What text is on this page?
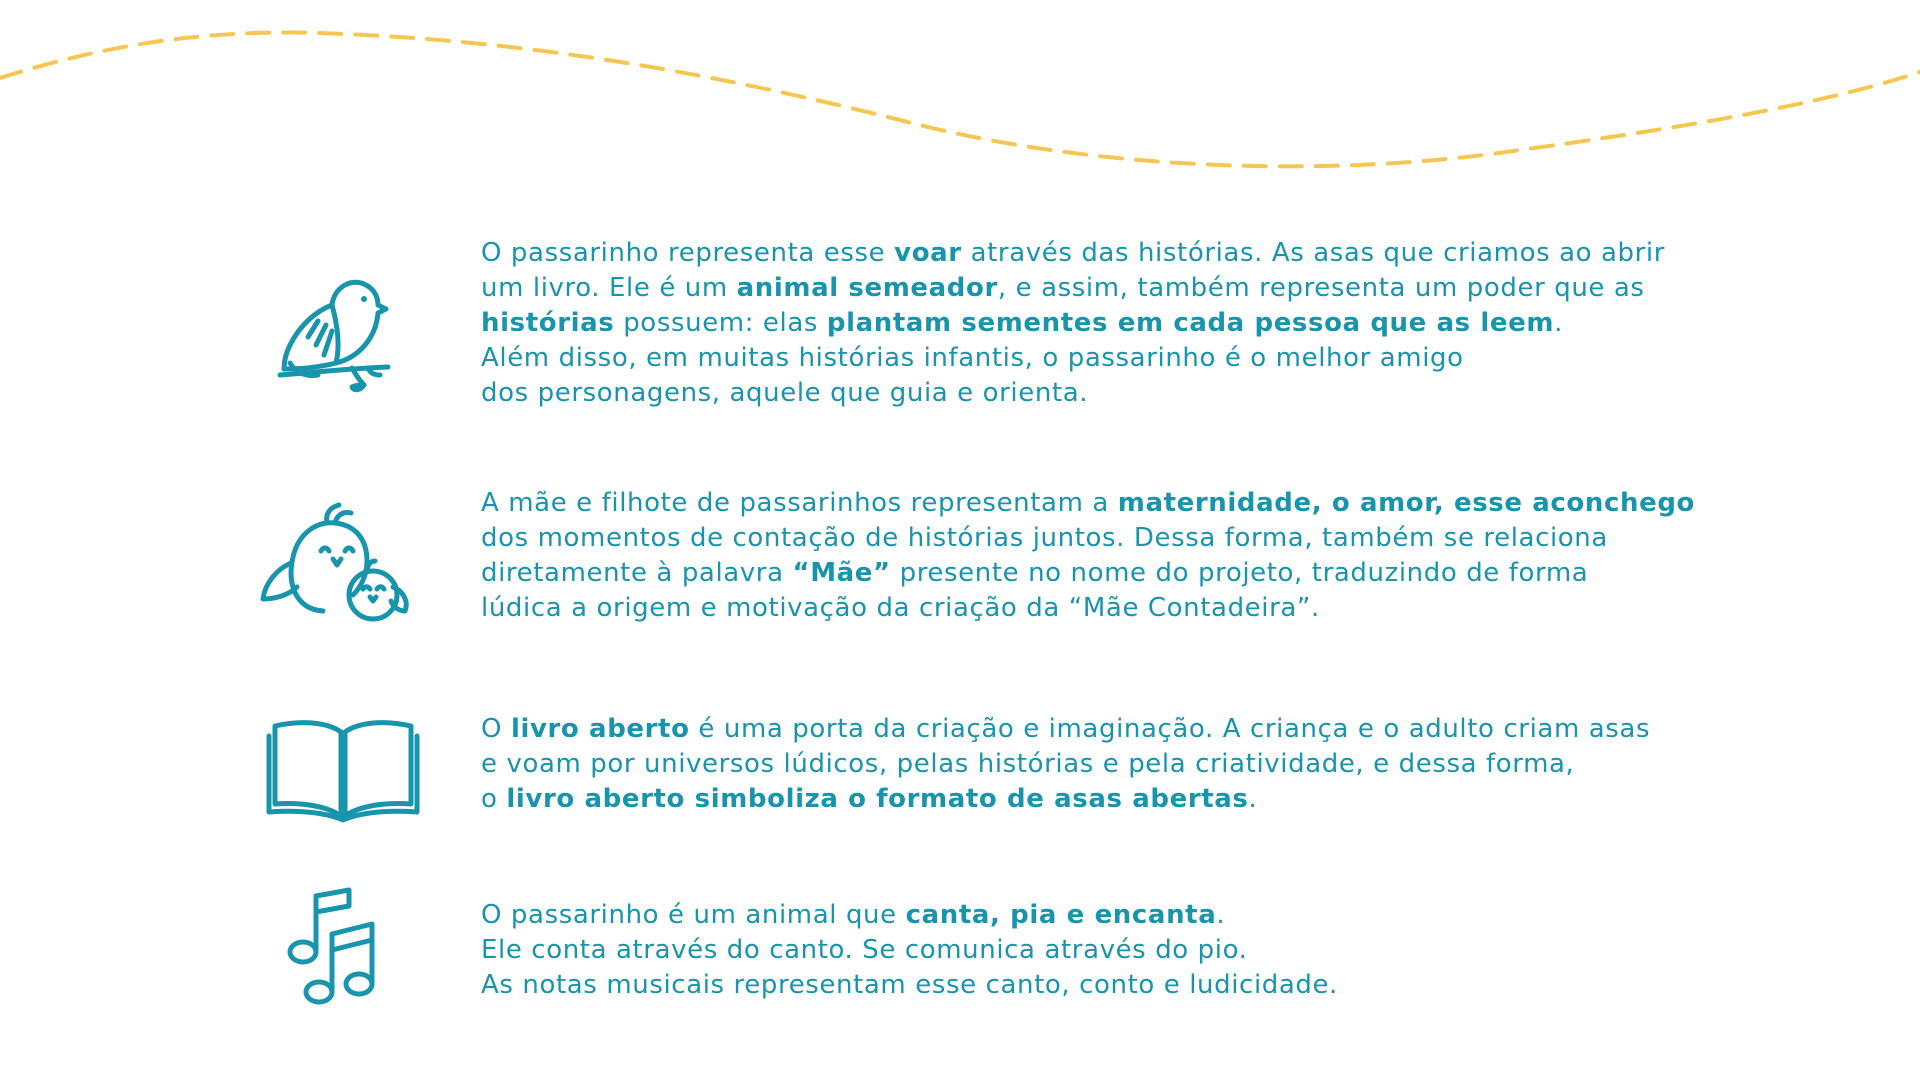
O passarinho representa esse voar através das histórias. As asas que criamos ao abrir
um livro. Ele é um animal semeador, e assim, também representa um poder que as
histórias possuem: elas plantam sementes em cada pessoa que as leem.
Além disso, em muitas histórias infantis, o passarinho é o melhor amigo
dos personagens, aquele que guia e orienta.
A mãe e filhote de passarinhos representam a maternidade, o amor, esse aconchego
dos momentos de contação de histórias juntos. Dessa forma, também se relaciona
diretamente à palavra “Mãe” presente no nome do projeto, traduzindo de forma
lúdica a origem e motivação da criação da “Mãe Contadeira”.
O livro aberto é uma porta da criação e imaginação. A criança e o adulto criam asas
e voam por universos lúdicos, pelas histórias e pela criatividade, e dessa forma,
o livro aberto simboliza o formato de asas abertas.
O passarinho é um animal que canta, pia e encanta.
Ele conta através do canto. Se comunica através do pio.
As notas musicais representam esse canto, conto e ludicidade.
